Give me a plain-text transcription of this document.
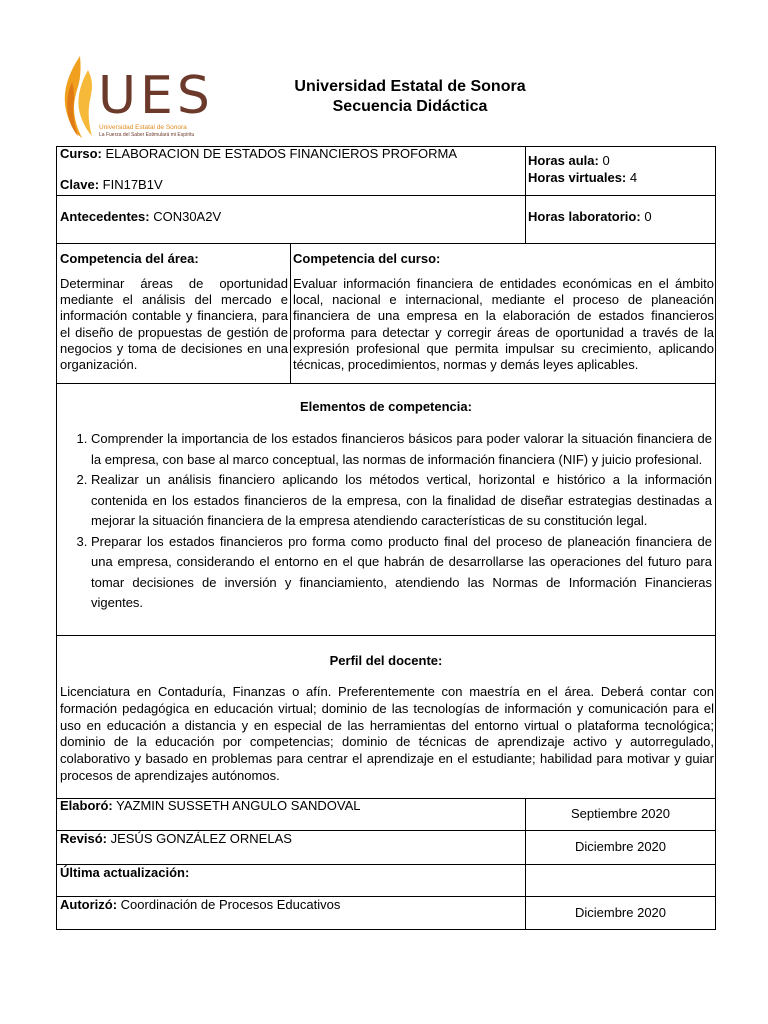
UES
Universidad Estatal de Sonora
La Fuerza del Saber Estimulará mi Espíritu
Universidad Estatal de Sonora
Secuencia Didáctica
Curso: ELABORACION DE ESTADOS FINANCIEROS PROFORMA
Clave: FIN17B1V
Horas aula: 0
Horas virtuales: 4
Antecedentes: CON30A2V	Horas laboratorio: 0
Competencia del área:
Determinar áreas de oportunidad mediante el análisis del mercado e información contable y financiera, para el diseño de propuestas de gestión de negocios y toma de decisiones en una organización.
Competencia del curso:
Evaluar información financiera de entidades económicas en el ámbito local, nacional e internacional, mediante el proceso de planeación financiera de una empresa en la elaboración de estados financieros proforma para detectar y corregir áreas de oportunidad a través de la expresión profesional que permita impulsar su crecimiento, aplicando técnicas, procedimientos, normas y demás leyes aplicables.
Elementos de competencia:
1. Comprender la importancia de los estados financieros básicos para poder valorar la situación financiera de la empresa, con base al marco conceptual, las normas de información financiera (NIF) y juicio profesional.
2. Realizar un análisis financiero aplicando los métodos vertical, horizontal e histórico a la información contenida en los estados financieros de la empresa, con la finalidad de diseñar estrategias destinadas a mejorar la situación financiera de la empresa atendiendo características de su constitución legal.
3. Preparar los estados financieros pro forma como producto final del proceso de planeación financiera de una empresa, considerando el entorno en el que habrán de desarrollarse las operaciones del futuro para tomar decisiones de inversión y financiamiento, atendiendo las Normas de Información Financieras vigentes.
Perfil del docente:
Licenciatura en Contaduría, Finanzas o afín. Preferentemente con maestría en el área. Deberá contar con formación pedagógica en educación virtual; dominio de las tecnologías de información y comunicación para el uso en educación a distancia y en especial de las herramientas del entorno virtual o plataforma tecnológica; dominio de la educación por competencias; dominio de técnicas de aprendizaje activo y autorregulado, colaborativo y basado en problemas para centrar el aprendizaje en el estudiante; habilidad para motivar y guiar procesos de aprendizajes autónomos.
Elaboró: YAZMIN SUSSETH ANGULO SANDOVAL
Septiembre 2020
Revisó: JESÚS GONZÁLEZ ORNELAS
Diciembre 2020
Última actualización:
Autorizó: Coordinación de Procesos Educativos
Diciembre 2020
